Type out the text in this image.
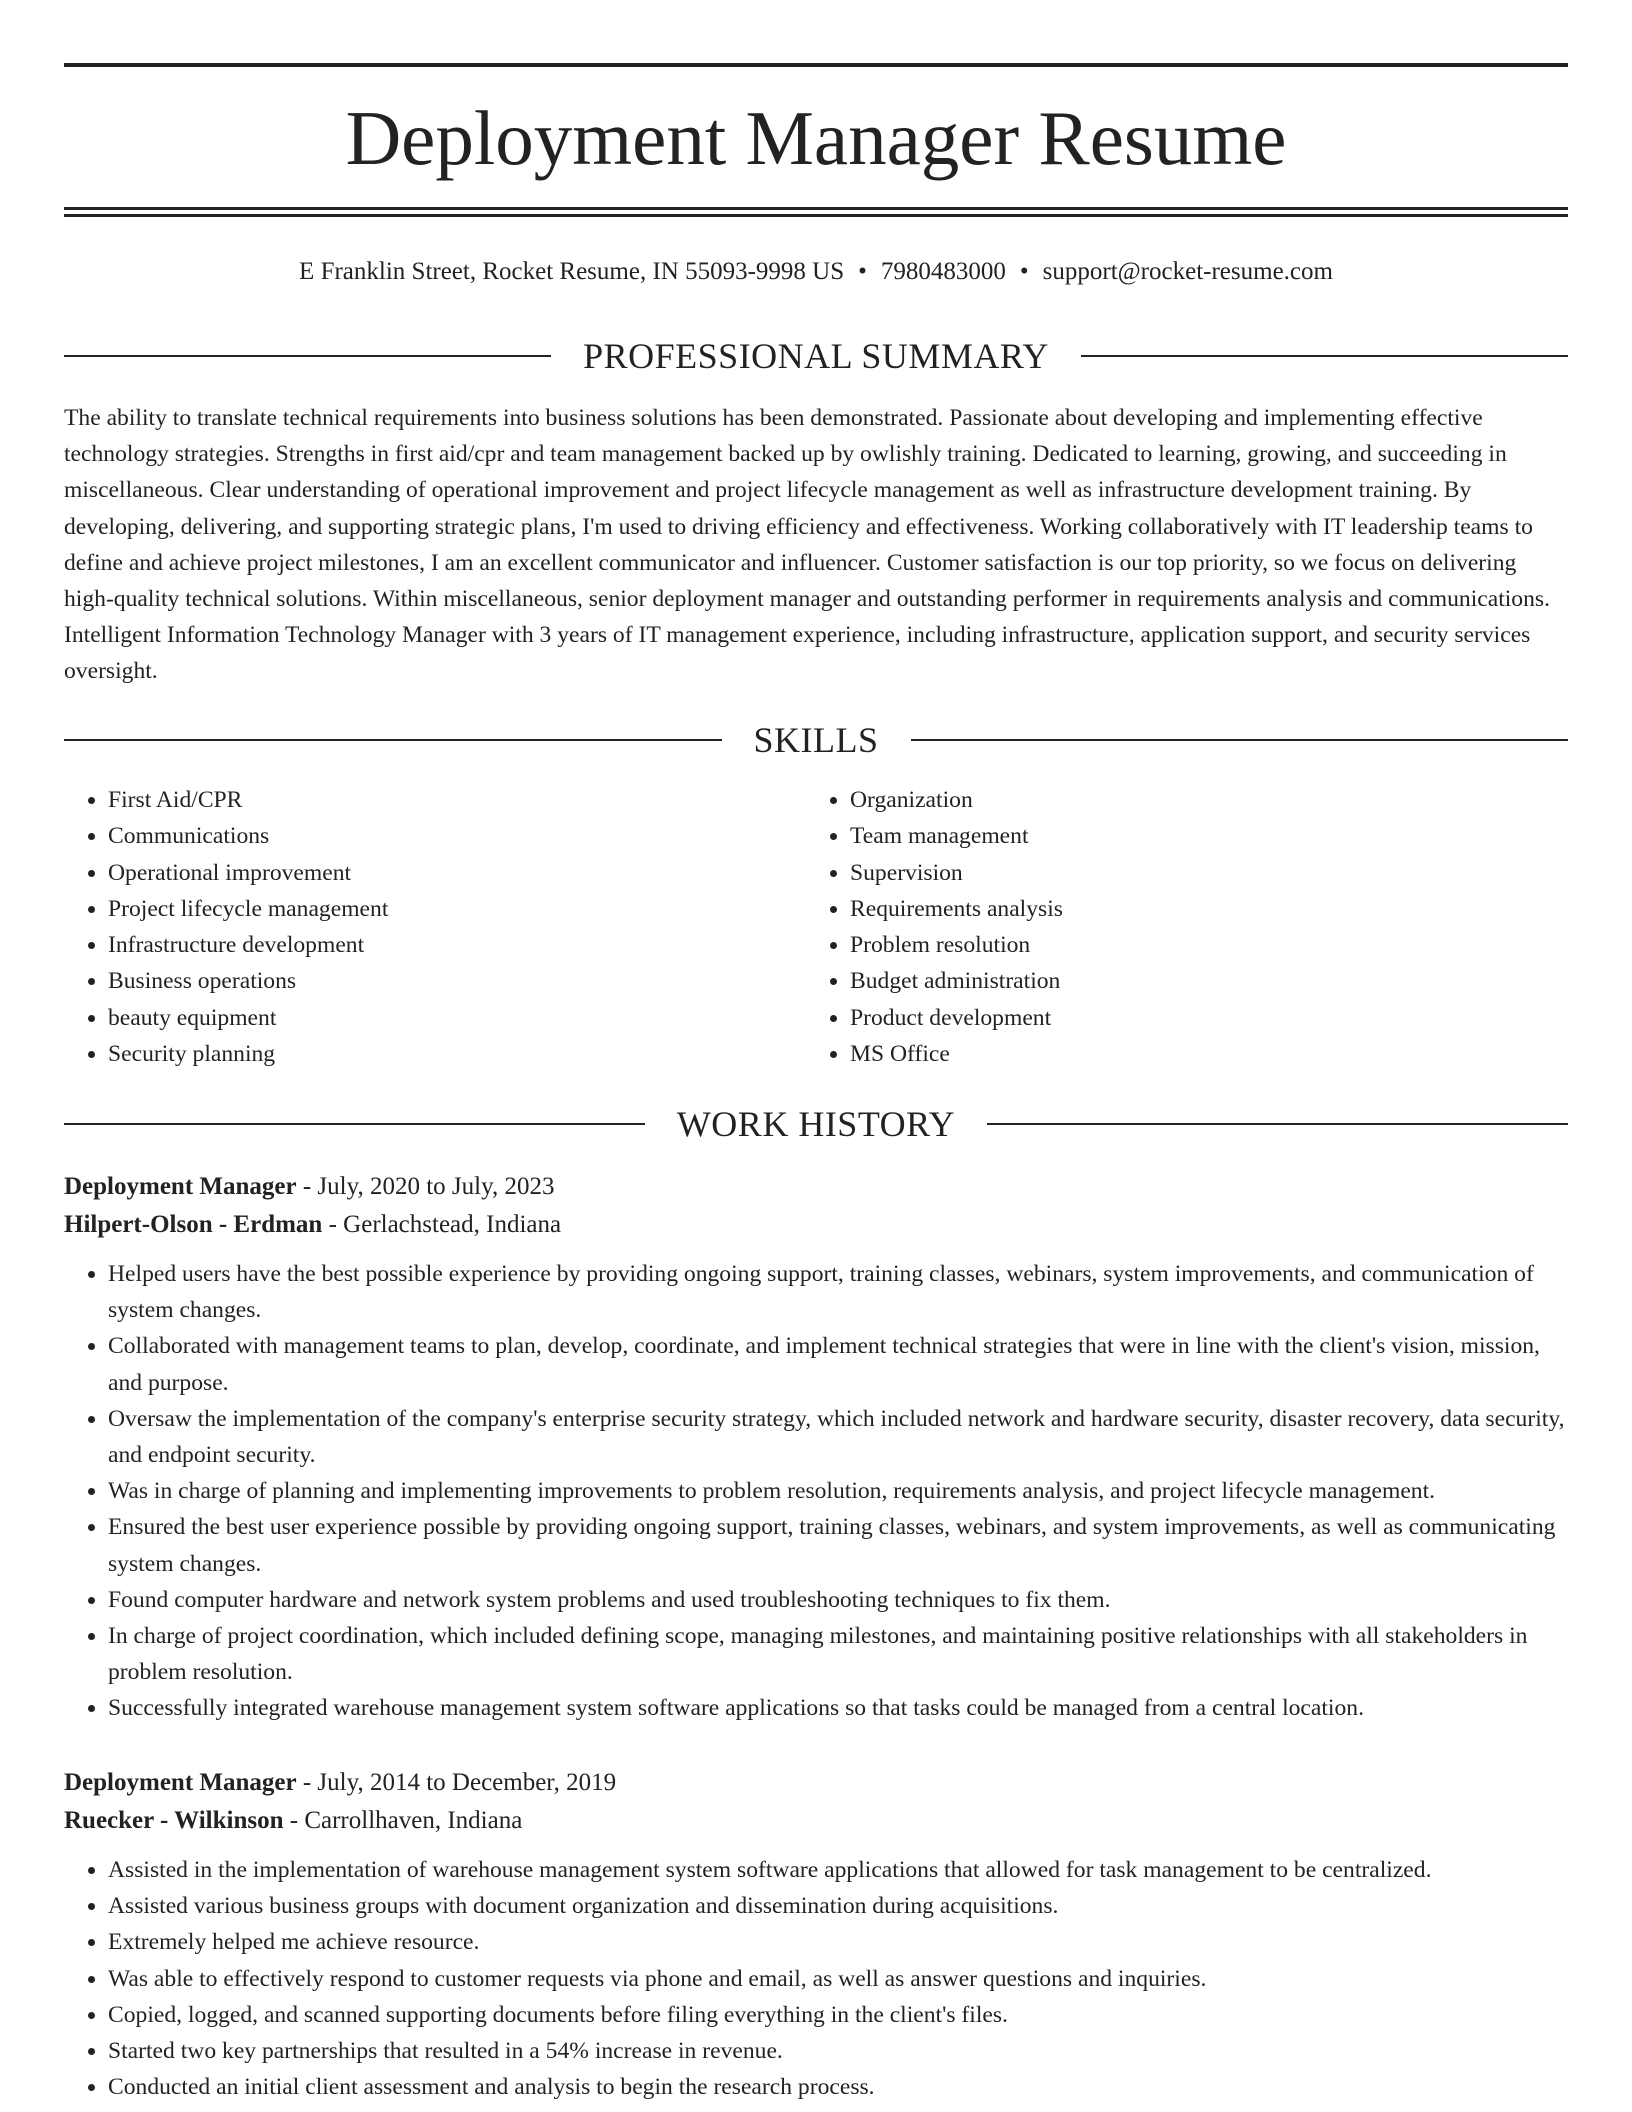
Deployment Manager Resume
E Franklin Street, Rocket Resume, IN 55093-9998 US • 7980483000 • support@rocket-resume.com
PROFESSIONAL SUMMARY

The ability to translate technical requirements into business solutions has been demonstrated. Passionate about developing and implementing effective technology strategies. Strengths in first aid/cpr and team management backed up by owlishly training. Dedicated to learning, growing, and succeeding in miscellaneous. Clear understanding of operational improvement and project lifecycle management as well as infrastructure development training. By developing, delivering, and supporting strategic plans, I'm used to driving efficiency and effectiveness. Working collaboratively with IT leadership teams to define and achieve project milestones, I am an excellent communicator and influencer. Customer satisfaction is our top priority, so we focus on delivering high-quality technical solutions. Within miscellaneous, senior deployment manager and outstanding performer in requirements analysis and communications. Intelligent Information Technology Manager with 3 years of IT management experience, including infrastructure, application support, and security services oversight.

SKILLS
• First Aid/CPR
• Communications
• Operational improvement
• Project lifecycle management
• Infrastructure development
• Business operations
• beauty equipment
• Security planning
• Organization
• Team management
• Supervision
• Requirements analysis
• Problem resolution
• Budget administration
• Product development
• MS Office
WORK HISTORY
Deployment Manager - July, 2020 to July, 2023
Hilpert-Olson - Erdman - Gerlachstead, Indiana
• Helped users have the best possible experience by providing ongoing support, training classes, webinars, system improvements, and communication of system changes.
• Collaborated with management teams to plan, develop, coordinate, and implement technical strategies that were in line with the client's vision, mission, and purpose.
• Oversaw the implementation of the company's enterprise security strategy, which included network and hardware security, disaster recovery, data security, and endpoint security.
• Was in charge of planning and implementing improvements to problem resolution, requirements analysis, and project lifecycle management.
• Ensured the best user experience possible by providing ongoing support, training classes, webinars, and system improvements, as well as communicating system changes.
• Found computer hardware and network system problems and used troubleshooting techniques to fix them.
• In charge of project coordination, which included defining scope, managing milestones, and maintaining positive relationships with all stakeholders in problem resolution.
• Successfully integrated warehouse management system software applications so that tasks could be managed from a central location.
Deployment Manager - July, 2014 to December, 2019
Ruecker - Wilkinson - Carrollhaven, Indiana
• Assisted in the implementation of warehouse management system software applications that allowed for task management to be centralized.
• Assisted various business groups with document organization and dissemination during acquisitions.
• Extremely helped me achieve resource.
• Was able to effectively respond to customer requests via phone and email, as well as answer questions and inquiries.
• Copied, logged, and scanned supporting documents before filing everything in the client's files.
• Started two key partnerships that resulted in a 54% increase in revenue.
• Conducted an initial client assessment and analysis to begin the research process.
